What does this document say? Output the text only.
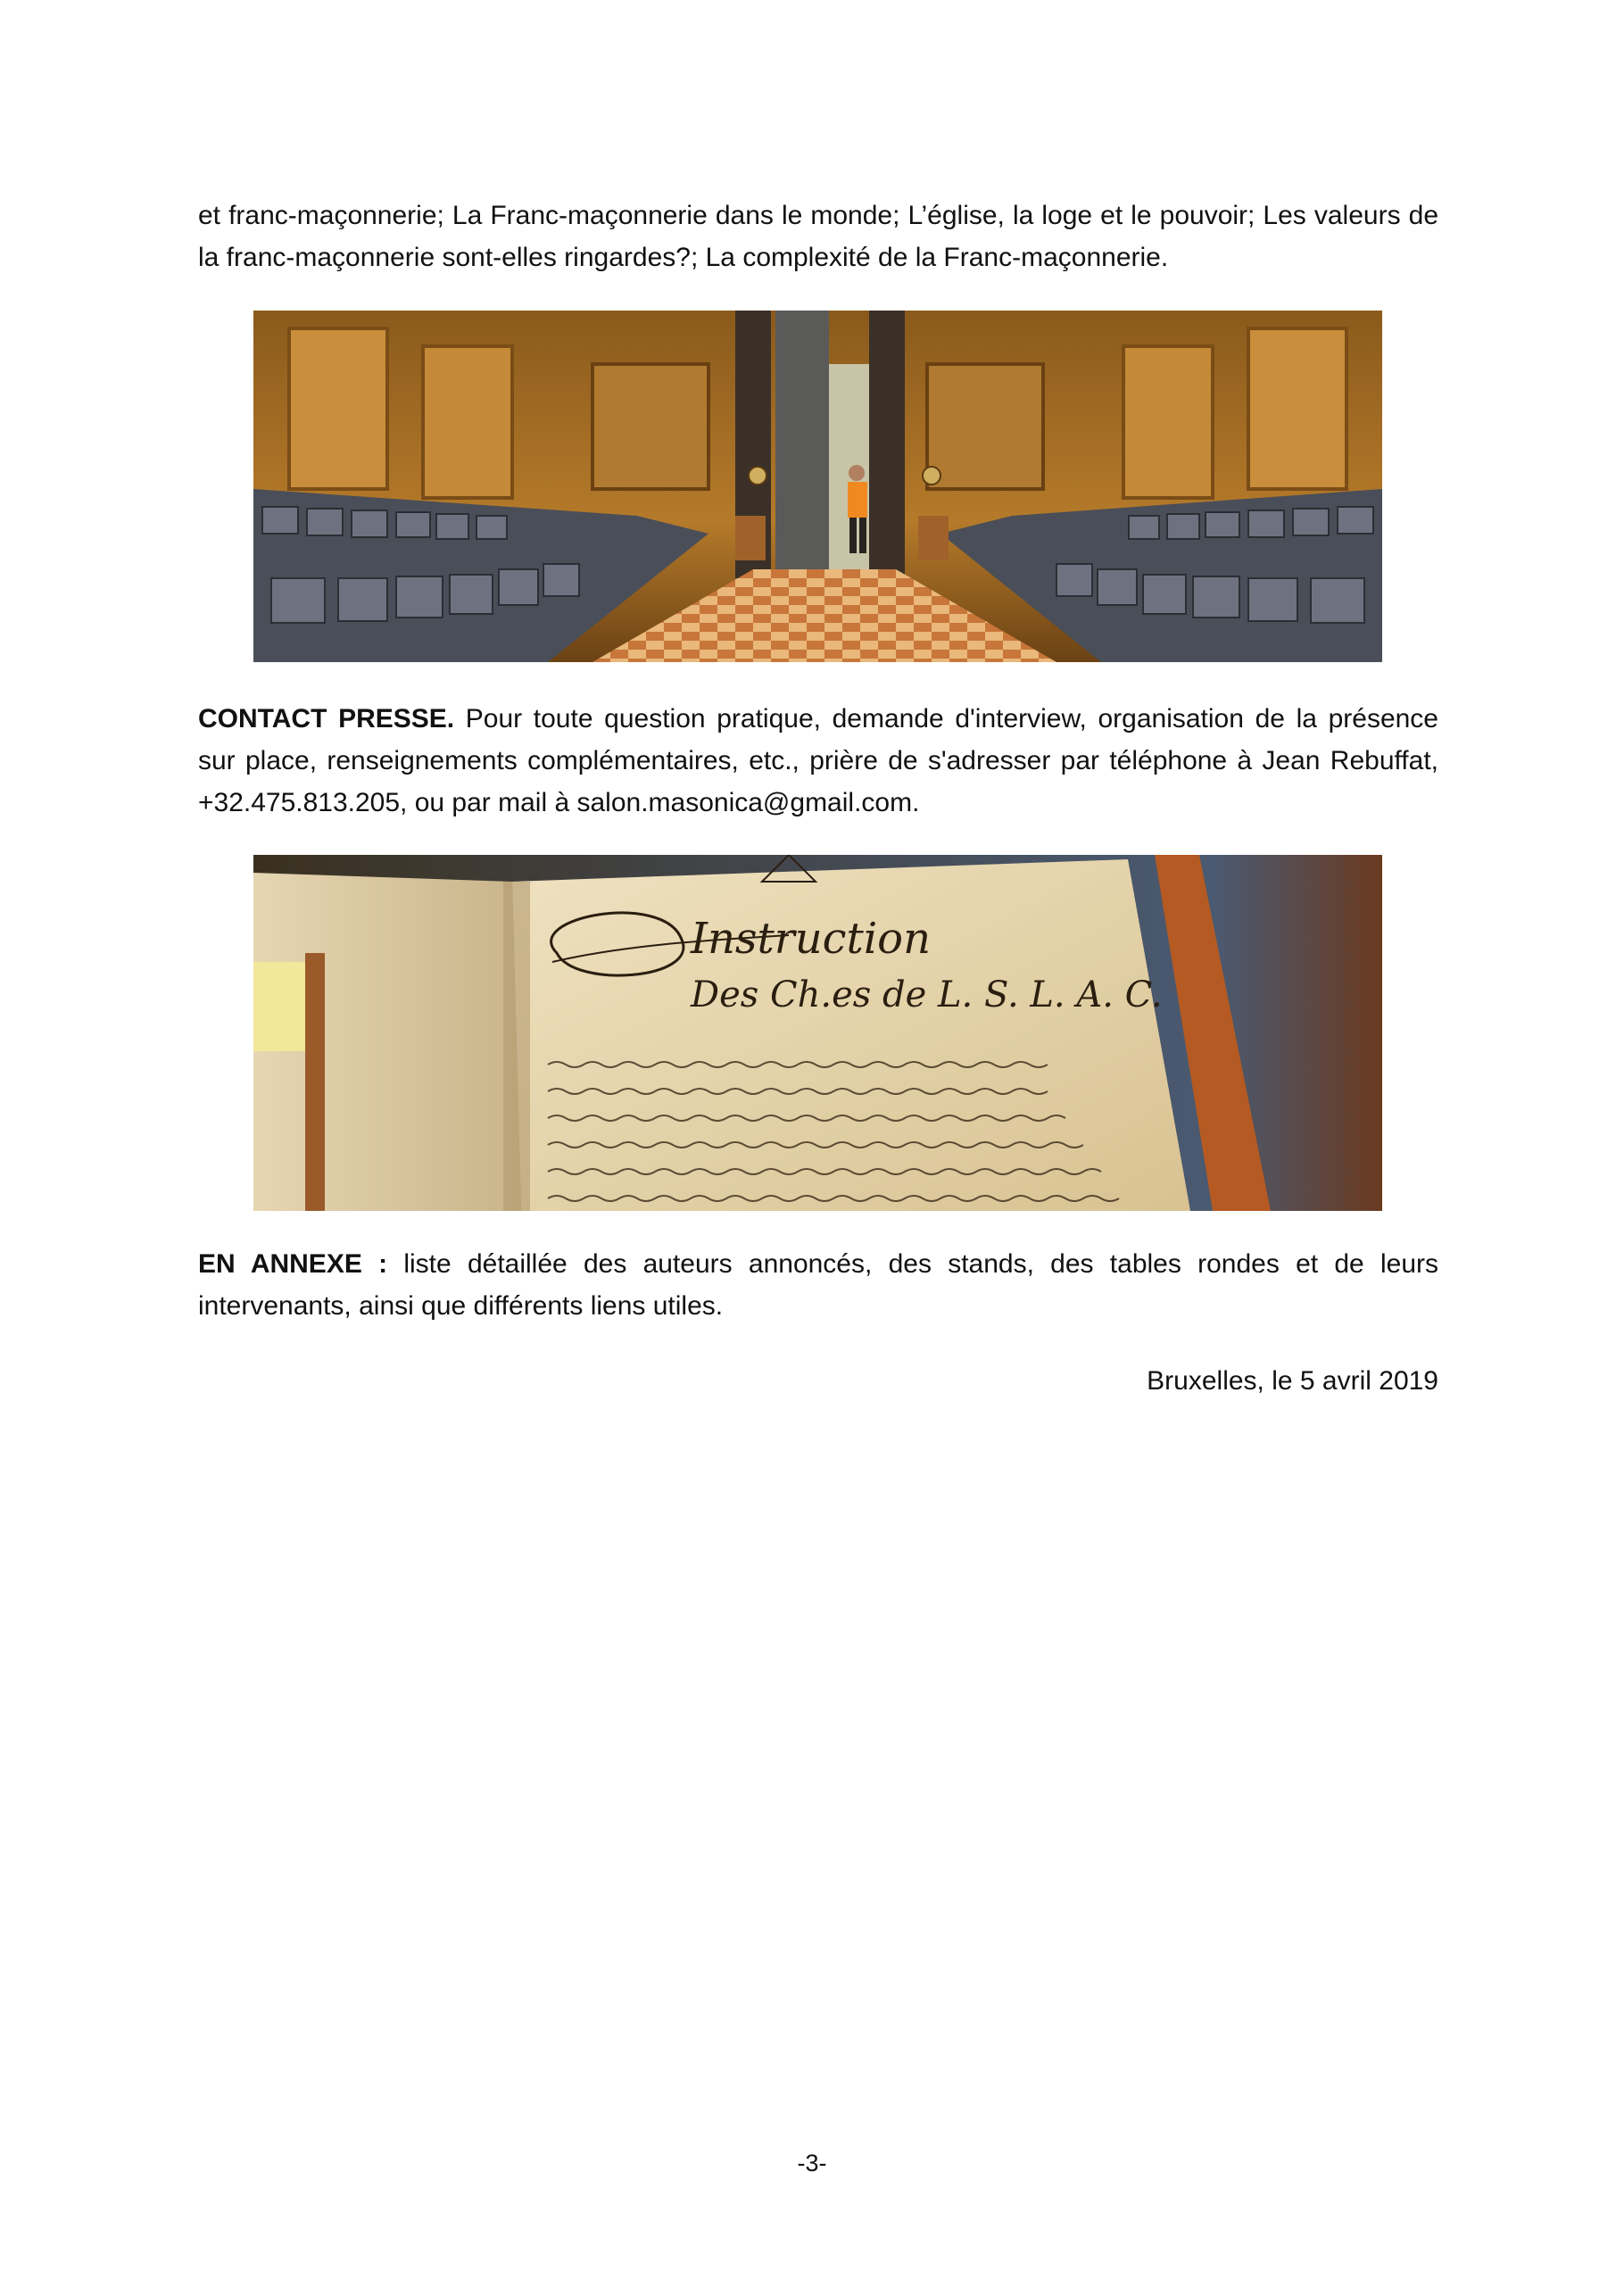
et franc-maçonnerie; La Franc-maçonnerie dans le monde; L’église, la loge et le pouvoir; Les valeurs de la franc-maçonnerie sont-elles ringardes?; La complexité de la Franc-maçonnerie.

CONTACT PRESSE. Pour toute question pratique, demande d'interview, organisation de la présence sur place, renseignements complémentaires, etc., prière de s'adresser par téléphone à Jean Rebuffat, +32.475.813.205, ou par mail à salon.masonica@gmail.com.

Instruction
Des Ch.es de L. S. L. A. C.

EN ANNEXE : liste détaillée des auteurs annoncés, des stands, des tables rondes et de leurs intervenants, ainsi que différents liens utiles.

Bruxelles, le 5 avril 2019
-3-
